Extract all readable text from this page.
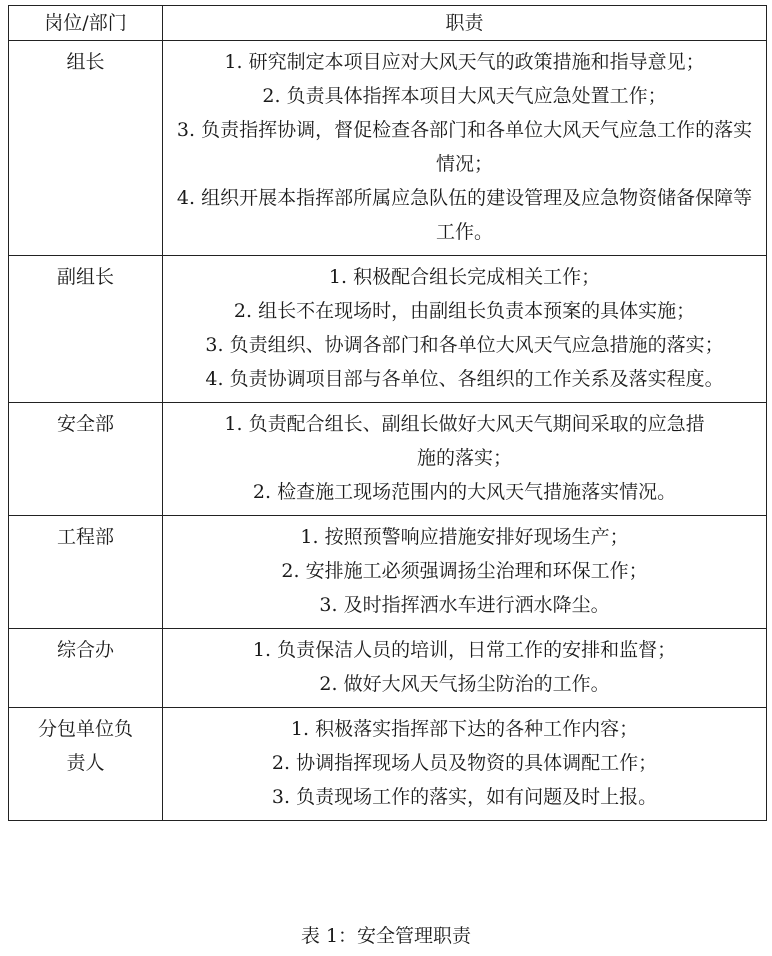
岗位/部门	职责

组长	1. 研究制定本项目应对大风天气的政策措施和指导意见；
2. 负责具体指挥本项目大风天气应急处置工作；
3. 负责指挥协调，督促检查各部门和各单位大风天气应急工作的落实情况；
4. 组织开展本指挥部所属应急队伍的建设管理及应急物资储备保障等工作。

副组长	1. 积极配合组长完成相关工作；
2. 组长不在现场时，由副组长负责本预案的具体实施；
3. 负责组织、协调各部门和各单位大风天气应急措施的落实；
4. 负责协调项目部与各单位、各组织的工作关系及落实程度。

安全部	1. 负责配合组长、副组长做好大风天气期间采取的应急措
施的落实；
2. 检查施工现场范围内的大风天气措施落实情况。

工程部	1. 按照预警响应措施安排好现场生产；
2. 安排施工必须强调扬尘治理和环保工作；
3. 及时指挥洒水车进行洒水降尘。

综合办	1. 负责保洁人员的培训，日常工作的安排和监督；
2. 做好大风天气扬尘防治的工作。

分包单位负责人	1. 积极落实指挥部下达的各种工作内容；
2. 协调指挥现场人员及物资的具体调配工作；
3. 负责现场工作的落实，如有问题及时上报。
表 1：安全管理职责
